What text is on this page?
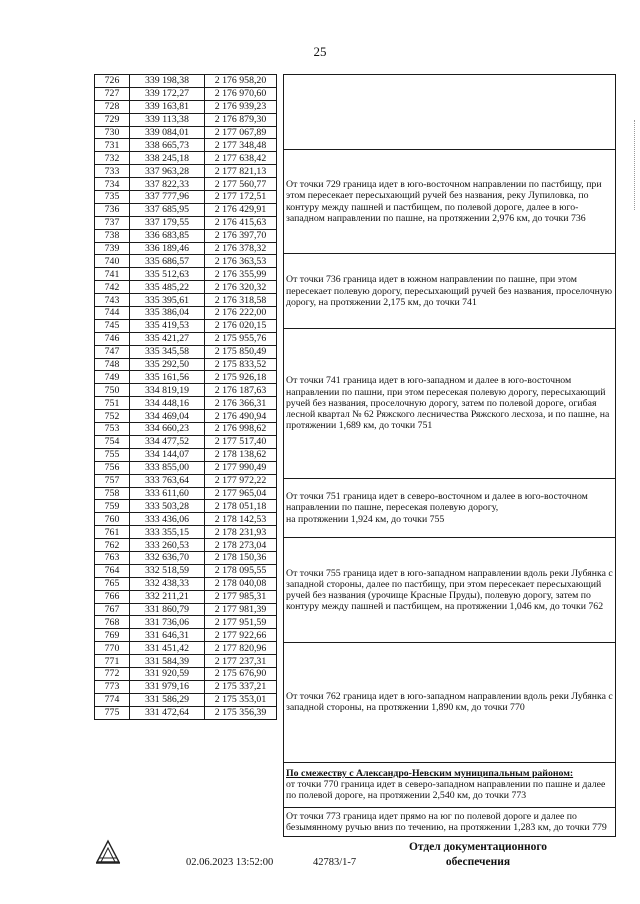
25
726	339 198,38	2 176 958,20
727	339 172,27	2 176 970,60
728	339 163,81	2 176 939,23
729	339 113,38	2 176 879,30
730	339 084,01	2 177 067,89
731	338 665,73	2 177 348,48
732	338 245,18	2 177 638,42
733	337 963,28	2 177 821,13
734	337 822,33	2 177 560,77
735	337 777,96	2 177 172,51
736	337 685,95	2 176 429,91
737	337 179,55	2 176 415,63
738	336 683,85	2 176 397,70
739	336 189,46	2 176 378,32
740	335 686,57	2 176 363,53
741	335 512,63	2 176 355,99
742	335 485,22	2 176 320,32
743	335 395,61	2 176 318,58
744	335 386,04	2 176 222,00
745	335 419,53	2 176 020,15
746	335 421,27	2 175 955,76
747	335 345,58	2 175 850,49
748	335 292,50	2 175 833,52
749	335 161,56	2 175 926,18
750	334 819,19	2 176 187,63
751	334 448,16	2 176 366,31
752	334 469,04	2 176 490,94
753	334 660,23	2 176 998,62
754	334 477,52	2 177 517,40
755	334 144,07	2 178 138,62
756	333 855,00	2 177 990,49
757	333 763,64	2 177 972,22
758	333 611,60	2 177 965,04
759	333 503,28	2 178 051,18
760	333 436,06	2 178 142,53
761	333 355,15	2 178 231,93
762	333 260,53	2 178 273,04
763	332 636,70	2 178 150,36
764	332 518,59	2 178 095,55
765	332 438,33	2 178 040,08
766	332 211,21	2 177 985,31
767	331 860,79	2 177 981,39
768	331 736,06	2 177 951,59
769	331 646,31	2 177 922,66
770	331 451,42	2 177 820,96
771	331 584,39	2 177 237,31
772	331 920,59	2 175 676,90
773	331 979,16	2 175 337,21
774	331 586,29	2 175 353,01
775	331 472,64	2 175 356,39

От точки 729 граница идет в юго-восточном направлении по пастбищу, при этом пересекает пересыхающий ручей без названия, реку Лупиловка, по контуру между пашней и пастбищем, по полевой дороге, далее в юго-западном направлении по пашне, на протяжении 2,976 км, до точки 736

От точки 736 граница идет в южном направлении по пашне, при этом пересекает полевую дорогу, пересыхающий ручей без названия, проселочную дорогу, на протяжении 2,175 км, до точки 741

От точки 741 граница идет в юго-западном и далее в юго-восточном направлении по пашни, при этом пересекая полевую дорогу, пересыхающий ручей без названия, проселочную дорогу, затем по полевой дороге, огибая лесной квартал № 62 Ряжского лесничества Ряжского лесхоза, и по пашне, на протяжении 1,689 км, до точки 751

От точки 751 граница идет в северо-восточном и далее в юго-восточном направлении по пашне, пересекая полевую дорогу,
на протяжении 1,924 км, до точки 755

От точки 755 граница идет в юго-западном направлении вдоль реки Лубянка с западной стороны, далее по пастбищу, при этом пересекает пересыхающий ручей без названия (урочище Красные Пруды), полевую дорогу, затем по контуру между пашней и пастбищем, на протяжении 1,046 км, до точки 762

От точки 762 граница идет в юго-западном направлении вдоль реки Лубянка с западной стороны, на протяжении 1,890 км, до точки 770

По смежеству с Александро-Невским муниципальным районом:
от точки 770 граница идет в северо-западном направлении по пашне и далее по полевой дороге, на протяжении 2,540 км, до точки 773

От точки 773 граница идет прямо на юг по полевой дороге и далее по безымянному ручью вниз по течению, на протяжении 1,283 км, до точки 779
02.06.2023 13:52:00	42783/1-7
Отдел документационного
обеспечения
